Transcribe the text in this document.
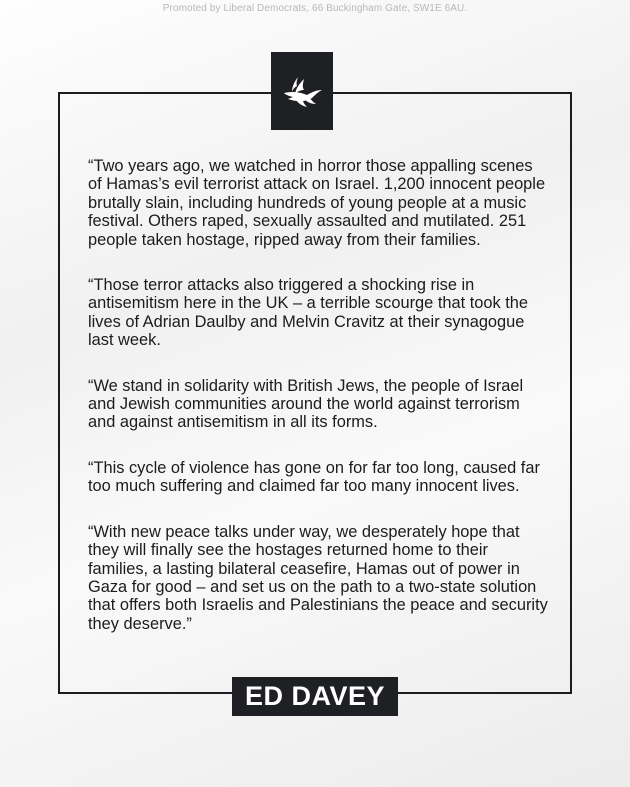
Promoted by Liberal Democrats, 66 Buckingham Gate, SW1E 6AU.

“Two years ago, we watched in horror those appalling scenes of Hamas’s evil terrorist attack on Israel. 1,200 innocent people brutally slain, including hundreds of young people at a music festival. Others raped, sexually assaulted and mutilated. 251 people taken hostage, ripped away from their families.

“Those terror attacks also triggered a shocking rise in antisemitism here in the UK – a terrible scourge that took the lives of Adrian Daulby and Melvin Cravitz at their synagogue last week.

“We stand in solidarity with British Jews, the people of Israel and Jewish communities around the world against terrorism and against antisemitism in all its forms.

“This cycle of violence has gone on for far too long, caused far too much suffering and claimed far too many innocent lives.

“With new peace talks under way, we desperately hope that they will finally see the hostages returned home to their families, a lasting bilateral ceasefire, Hamas out of power in Gaza for good – and set us on the path to a two-state solution that offers both Israelis and Palestinians the peace and security they deserve.”

ED DAVEY
